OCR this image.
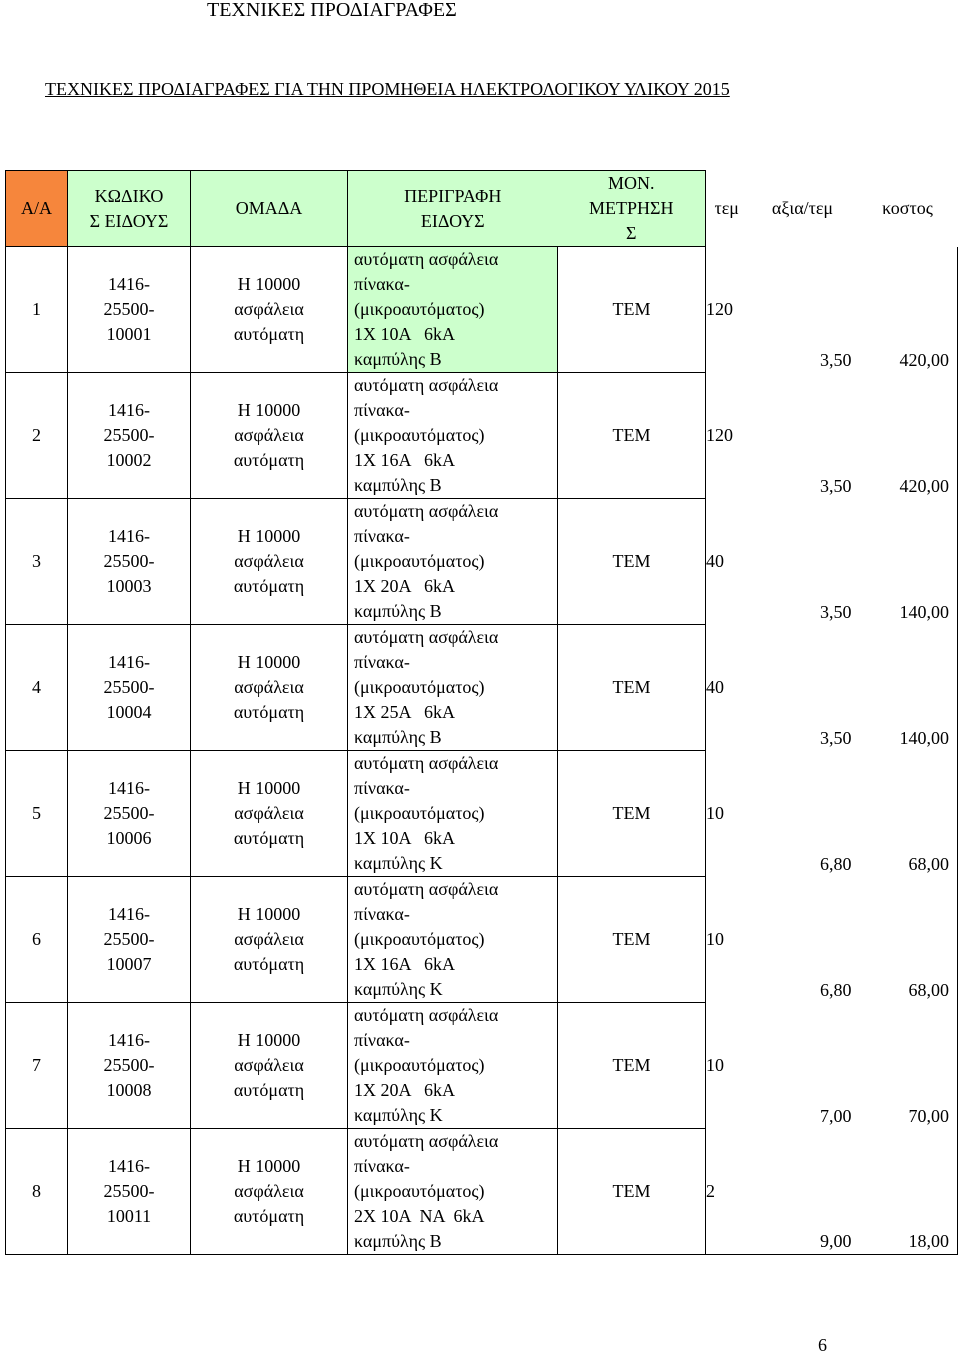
ΤΕΧΝΙΚΕΣ ΠΡΟΔΙΑΓΡΑΦΕΣ
ΤΕΧΝΙΚΕΣ ΠΡΟΔΙΑΓΡΑΦΕΣ ΓΙΑ ΤΗΝ ΠΡΟΜΗΘΕΙΑ ΗΛΕΚΤΡΟΛΟΓΙΚΟΥ ΥΛΙΚΟΥ 2015
Α/Α	ΚΩΔΙΚΟ
Σ ΕΙΔΟΥΣ	ΟΜΑΔΑ	ΠΕΡΙΓΡΑΦΗ
ΕΙΔΟΥΣ	ΜΟΝ.
ΜΕΤΡΗΣΗ
Σ	τεμ	αξια/τεμ	κοστος
1	1416-
25500-
10001	Η 10000
ασφάλεια
αυτόματη	αυτόματη ασφάλεια
πίνακα-
(μικροαυτόματος)
1Χ 10Α   6kA
καμπύλης Β	ΤΕΜ	120	3,50	420,00
2	1416-
25500-
10002	Η 10000
ασφάλεια
αυτόματη	αυτόματη ασφάλεια
πίνακα-
(μικροαυτόματος)
1Χ 16Α   6kA
καμπύλης Β	ΤΕΜ	120	3,50	420,00
3	1416-
25500-
10003	Η 10000
ασφάλεια
αυτόματη	αυτόματη ασφάλεια
πίνακα-
(μικροαυτόματος)
1Χ 20Α   6kA
καμπύλης Β	ΤΕΜ	40	3,50	140,00
4	1416-
25500-
10004	Η 10000
ασφάλεια
αυτόματη	αυτόματη ασφάλεια
πίνακα-
(μικροαυτόματος)
1Χ 25Α   6kA
καμπύλης Β	ΤΕΜ	40	3,50	140,00
5	1416-
25500-
10006	Η 10000
ασφάλεια
αυτόματη	αυτόματη ασφάλεια
πίνακα-
(μικροαυτόματος)
1Χ 10Α   6kA
καμπύλης Κ	ΤΕΜ	10	6,80	68,00
6	1416-
25500-
10007	Η 10000
ασφάλεια
αυτόματη	αυτόματη ασφάλεια
πίνακα-
(μικροαυτόματος)
1Χ 16Α   6kA
καμπύλης Κ	ΤΕΜ	10	6,80	68,00
7	1416-
25500-
10008	Η 10000
ασφάλεια
αυτόματη	αυτόματη ασφάλεια
πίνακα-
(μικροαυτόματος)
1Χ 20Α   6kA
καμπύλης Κ	ΤΕΜ	10	7,00	70,00
8	1416-
25500-
10011	Η 10000
ασφάλεια
αυτόματη	αυτόματη ασφάλεια
πίνακα-
(μικροαυτόματος)
2Χ 10Α  ΝΑ  6kA
καμπύλης Β	ΤΕΜ	2	9,00	18,00
6
